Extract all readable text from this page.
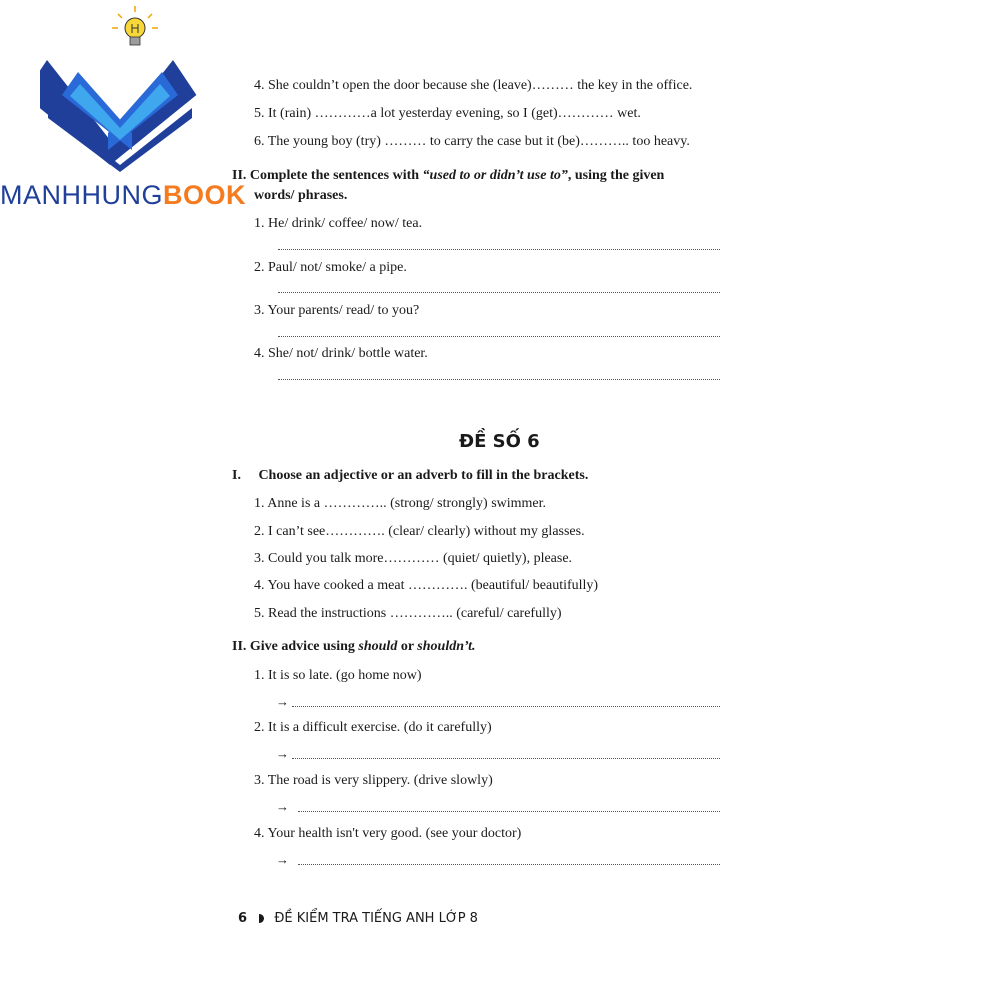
MANHHUNGBOOK
4. She couldn’t open the door because she (leave)……… the key in the office.
5. It (rain) …………a lot yesterday evening, so I (get)………… wet.
6. The young boy (try) ……… to carry the case but it (be)……….. too heavy.
II. Complete the sentences with “used to or didn’t use to”, using the given
words/ phrases.
1. He/ drink/ coffee/ now/ tea.
2. Paul/ not/ smoke/ a pipe.
3. Your parents/ read/ to you?
4. She/ not/ drink/ bottle water.
ĐỀ SỐ 6
I.     Choose an adjective or an adverb to fill in the brackets.
1. Anne is a ………….. (strong/ strongly) swimmer.
2. I can’t see…………. (clear/ clearly) without my glasses.
3. Could you talk more………… (quiet/ quietly), please.
4. You have cooked a meat …………. (beautiful/ beautifully)
5. Read the instructions ………….. (careful/ carefully)
II. Give advice using should or shouldn’t.
1. It is so late. (go home now)
→
2. It is a difficult exercise. (do it carefully)
→
3. The road is very slippery. (drive slowly)
→
4. Your health isn't very good. (see your doctor)
→
6 ĐỀ KIỂM TRA TIẾNG ANH LỚP 8
